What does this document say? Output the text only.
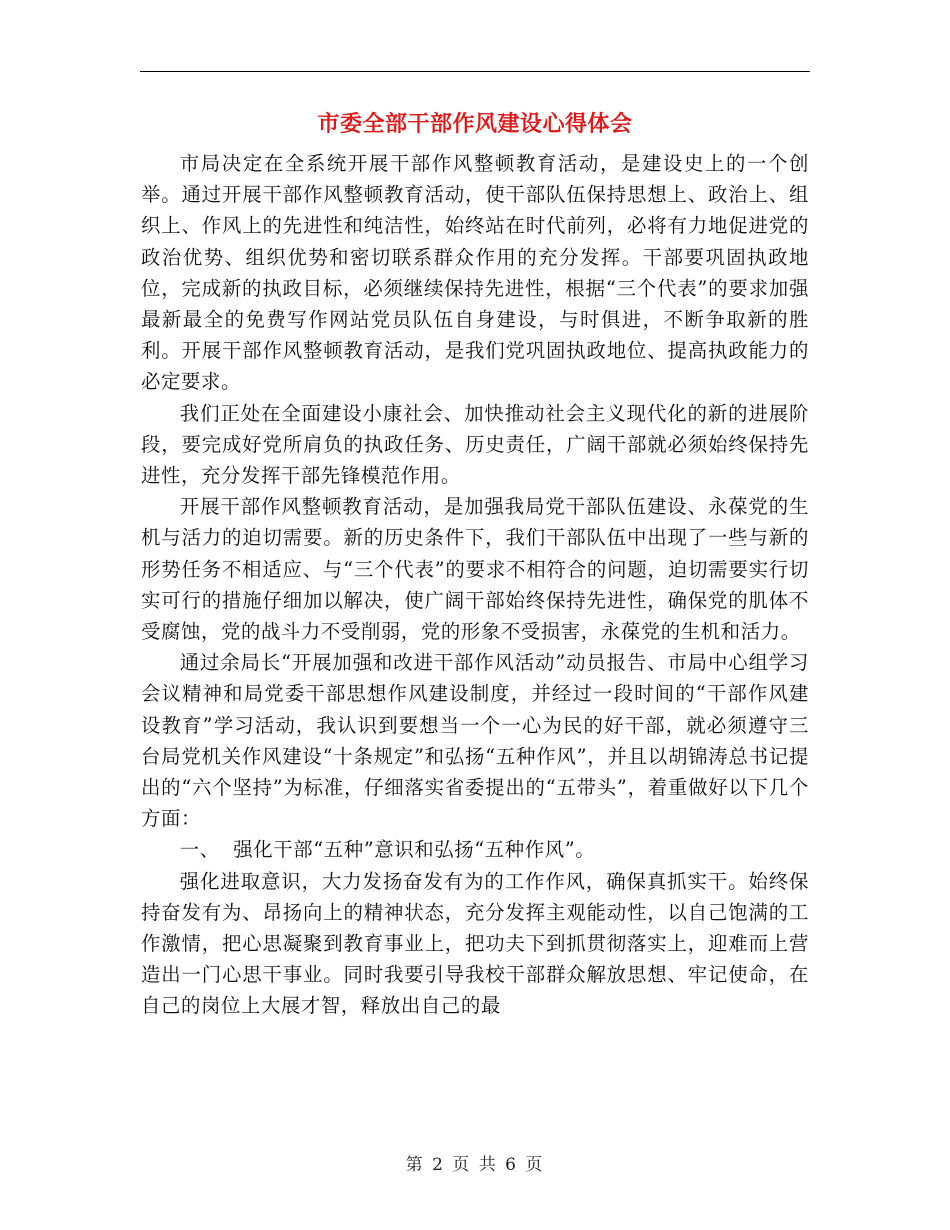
市委全部干部作风建设心得体会

市局决定在全系统开展干部作风整顿教育活动，是建设史上的一个创举。通过开展干部作风整顿教育活动，使干部队伍保持思想上、政治上、组织上、作风上的先进性和纯洁性，始终站在时代前列，必将有力地促进党的政治优势、组织优势和密切联系群众作用的充分发挥。干部要巩固执政地位，完成新的执政目标，必须继续保持先进性，根据“三个代表”的要求加强最新最全的免费写作网站党员队伍自身建设，与时俱进，不断争取新的胜利。开展干部作风整顿教育活动，是我们党巩固执政地位、提高执政能力的必定要求。

我们正处在全面建设小康社会、加快推动社会主义现代化的新的进展阶段，要完成好党所肩负的执政任务、历史责任，广阔干部就必须始终保持先进性，充分发挥干部先锋模范作用。

开展干部作风整顿教育活动，是加强我局党干部队伍建设、永葆党的生机与活力的迫切需要。新的历史条件下，我们干部队伍中出现了一些与新的形势任务不相适应、与“三个代表”的要求不相符合的问题，迫切需要实行切实可行的措施仔细加以解决，使广阔干部始终保持先进性，确保党的肌体不受腐蚀，党的战斗力不受削弱，党的形象不受损害，永葆党的生机和活力。

通过余局长“开展加强和改进干部作风活动”动员报告、市局中心组学习会议精神和局党委干部思想作风建设制度，并经过一段时间的“干部作风建设教育”学习活动，我认识到要想当一个一心为民的好干部，就必须遵守三台局党机关作风建设“十条规定”和弘扬“五种作风”，并且以胡锦涛总书记提出的“六个坚持”为标准，仔细落实省委提出的“五带头”，着重做好以下几个方面：

一、  强化干部“五种”意识和弘扬“五种作风”。

强化进取意识，大力发扬奋发有为的工作作风，确保真抓实干。始终保持奋发有为、昂扬向上的精神状态，充分发挥主观能动性，以自己饱满的工作激情，把心思凝聚到教育事业上，把功夫下到抓贯彻落实上，迎难而上营造出一门心思干事业。同时我要引导我校干部群众解放思想、牢记使命，在自己的岗位上大展才智，释放出自己的最

第 2 页 共 6 页
